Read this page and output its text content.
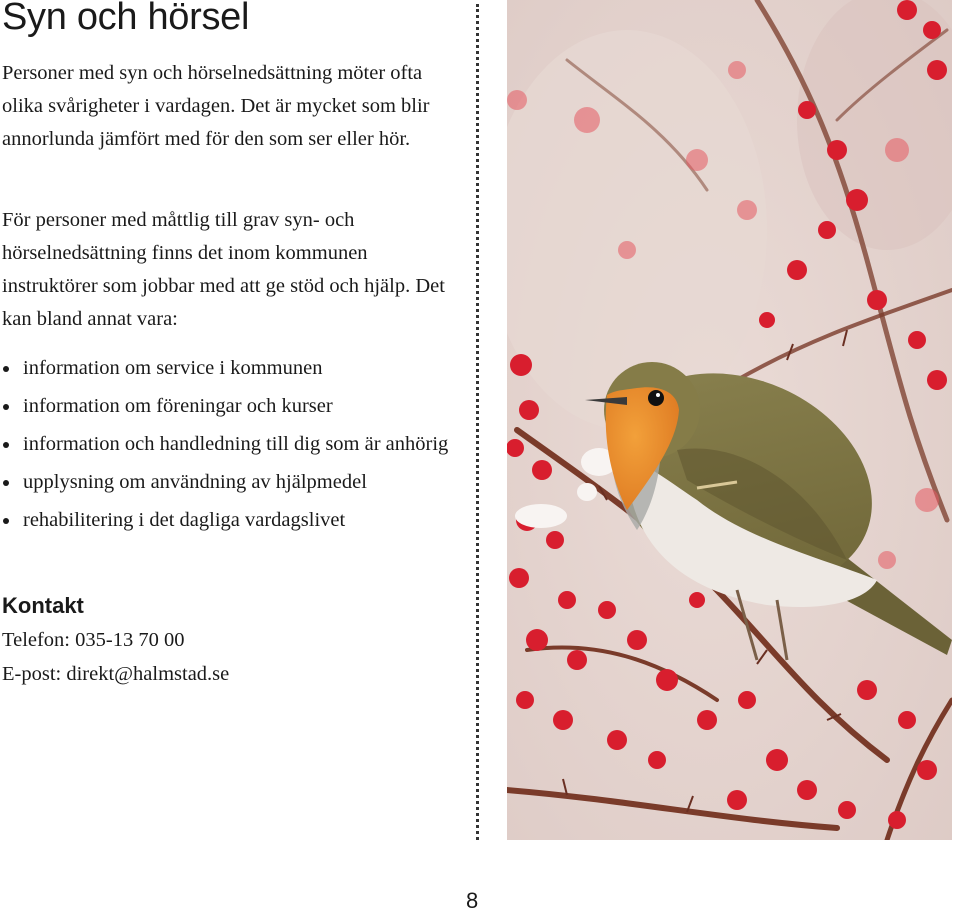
Syn och hörsel

Personer med syn och hörselnedsättning möter ofta olika svårigheter i vardagen. Det är mycket som blir annorlunda jämfört med för den som ser eller hör.

För personer med måttlig till grav syn- och hörselnedsättning finns det inom kommunen instruktörer som jobbar med att ge stöd och hjälp. Det kan bland annat vara:

information om service i kommunen
information om föreningar och kurser
information och handledning till dig som är anhörig
upplysning om användning av hjälpmedel
rehabilitering i det dagliga vardagslivet
Kontakt

Telefon: 035-13 70 00

E-post: direkt@halmstad.se

8
